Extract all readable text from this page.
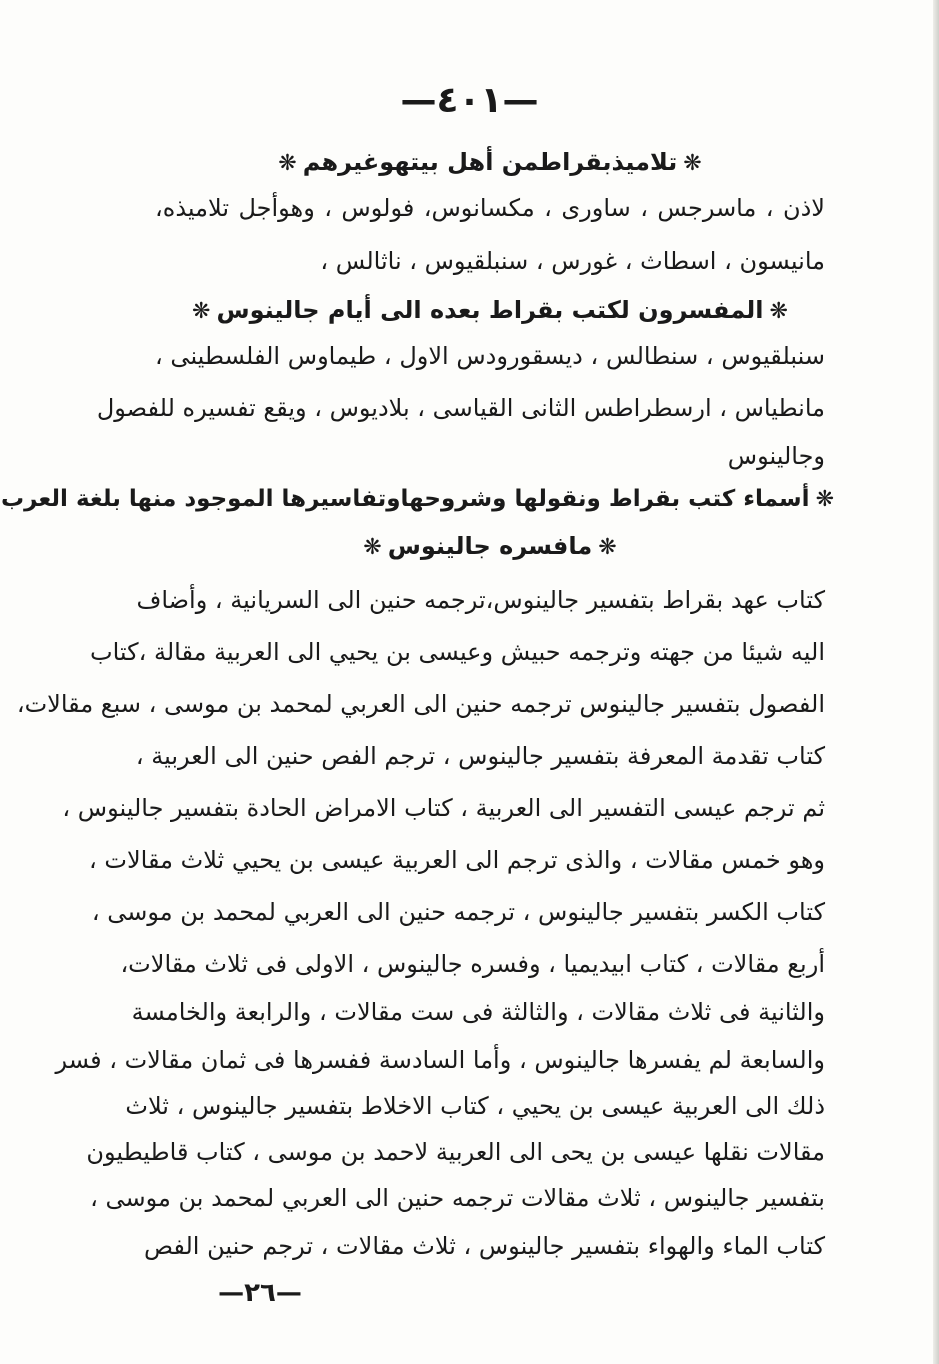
—٤٠١—
❋تلاميذبقراطمن أهل بيتهوغيرهم❋
لاذن ، ماسرجس ، ساورى ، مكسانوس، فولوس ، وهوأجل تلاميذه،
مانيسون ، اسطاث ، غورس ، سنبلقيوس ، ناثالس ،
❋المفسرون لكتب بقراط بعده الى أيام جالينوس❋
سنبلقيوس ، سنطالس ، ديسقورودس الاول ، طيماوس الفلسطينى ،
مانطياس ، ارسطراطس الثانى القياسى ، بلاديوس ، ويقع تفسيره للفصول
وجالينوس
❋أسماء كتب بقراط ونقولها وشروحهاوتفاسيرها الموجود منها بلغة العرب
❋مافسره جالينوس❋
كتاب عهد بقراط بتفسير جالينوس،ترجمه حنين الى السريانية ، وأضاف
اليه شيئا من جهته وترجمه حبيش وعيسى بن يحيي الى العربية مقالة ،كتاب
الفصول بتفسير جالينوس ترجمه حنين الى العربي لمحمد بن موسى ، سبع مقالات،
كتاب تقدمة المعرفة بتفسير جالينوس ، ترجم الفص حنين الى العربية ،
ثم ترجم عيسى التفسير الى العربية ، كتاب الامراض الحادة بتفسير جالينوس ،
وهو خمس مقالات ، والذى ترجم الى العربية عيسى بن يحيي ثلاث مقالات ،
كتاب الكسر بتفسير جالينوس ، ترجمه حنين الى العربي لمحمد بن موسى ،
أربع مقالات ، كتاب ابيديميا ، وفسره جالينوس ، الاولى فى ثلاث مقالات،
والثانية فى ثلاث مقالات ، والثالثة فى ست مقالات ، والرابعة والخامسة
والسابعة لم يفسرها جالينوس ، وأما السادسة ففسرها فى ثمان مقالات ، فسر
ذلك الى العربية عيسى بن يحيي ، كتاب الاخلاط بتفسير جالينوس ، ثلاث
مقالات نقلها عيسى بن يحى الى العربية لاحمد بن موسى ، كتاب قاطيطيون
بتفسير جالينوس ، ثلاث مقالات ترجمه حنين الى العربي لمحمد بن موسى ،
كتاب الماء والهواء بتفسير جالينوس ، ثلاث مقالات ، ترجم حنين الفص
—٢٦—
